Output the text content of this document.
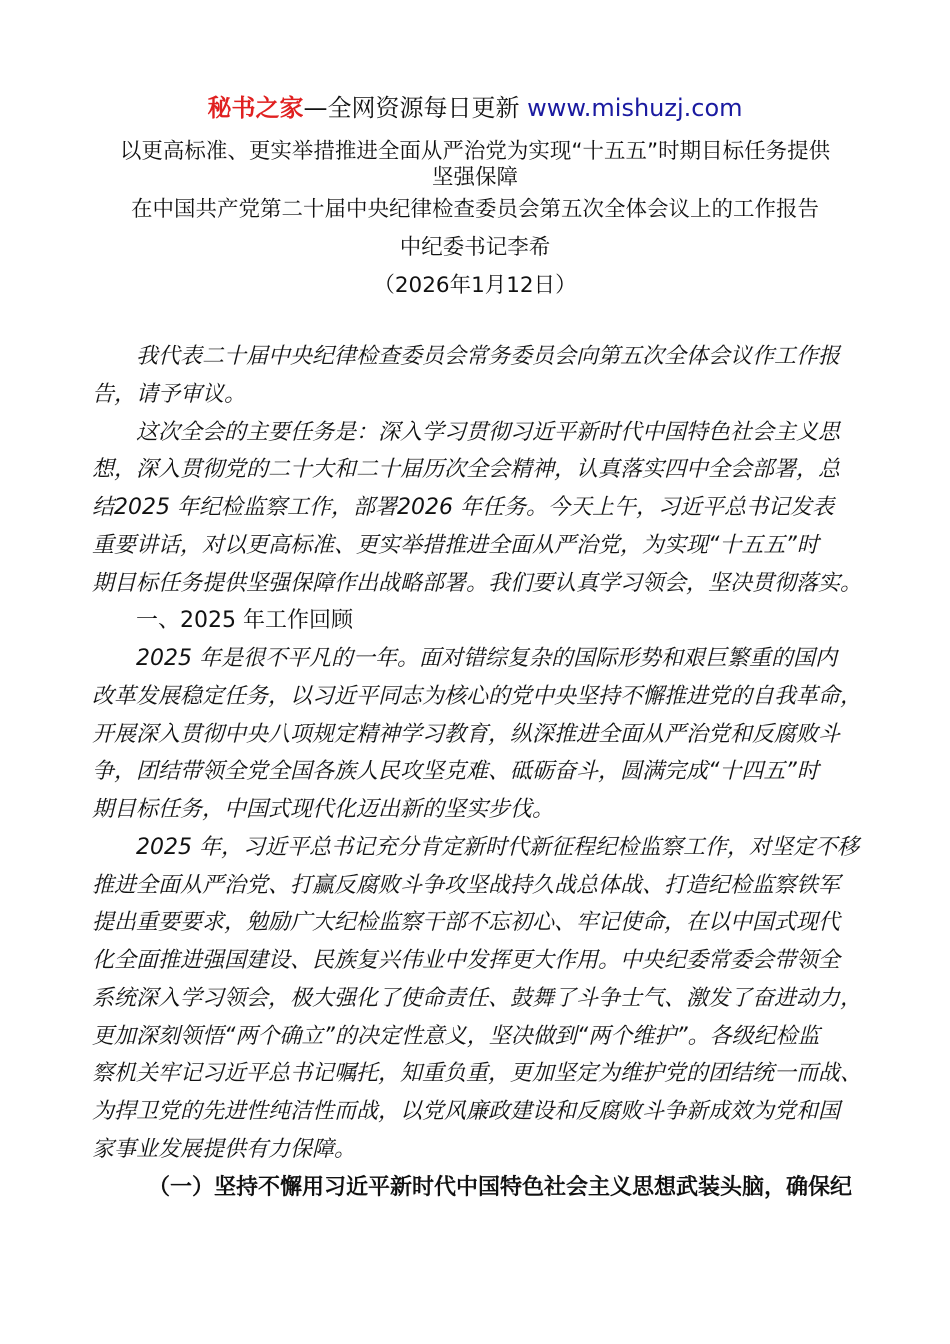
秘书之家—全网资源每日更新 www.mishuzj.com
以更高标准、更实举措推进全面从严治党为实现“十五五”时期目标任务提供
坚强保障
在中国共产党第二十届中央纪律检查委员会第五次全体会议上的工作报告
中纪委书记李希
（2026年1月12日）
我代表二十届中央纪律检查委员会常务委员会向第五次全体会议作工作报
告，请予审议。
这次全会的主要任务是：深入学习贯彻习近平新时代中国特色社会主义思
想，深入贯彻党的二十大和二十届历次全会精神，认真落实四中全会部署，总
结2025 年纪检监察工作，部署2026 年任务。今天上午，习近平总书记发表
重要讲话，对以更高标准、更实举措推进全面从严治党，为实现“十五五”时
期目标任务提供坚强保障作出战略部署。我们要认真学习领会，坚决贯彻落实。
一、2025 年工作回顾
2025 年是很不平凡的一年。面对错综复杂的国际形势和艰巨繁重的国内
改革发展稳定任务，以习近平同志为核心的党中央坚持不懈推进党的自我革命，
开展深入贯彻中央八项规定精神学习教育，纵深推进全面从严治党和反腐败斗
争，团结带领全党全国各族人民攻坚克难、砥砺奋斗，圆满完成“十四五”时
期目标任务，中国式现代化迈出新的坚实步伐。
2025 年，习近平总书记充分肯定新时代新征程纪检监察工作，对坚定不移
推进全面从严治党、打赢反腐败斗争攻坚战持久战总体战、打造纪检监察铁军
提出重要要求，勉励广大纪检监察干部不忘初心、牢记使命，在以中国式现代
化全面推进强国建设、民族复兴伟业中发挥更大作用。中央纪委常委会带领全
系统深入学习领会，极大强化了使命责任、鼓舞了斗争士气、激发了奋进动力，
更加深刻领悟“两个确立”的决定性意义，坚决做到“两个维护”。各级纪检监
察机关牢记习近平总书记嘱托，知重负重，更加坚定为维护党的团结统一而战、
为捍卫党的先进性纯洁性而战，以党风廉政建设和反腐败斗争新成效为党和国
家事业发展提供有力保障。
（一）坚持不懈用习近平新时代中国特色社会主义思想武装头脑，确保纪
